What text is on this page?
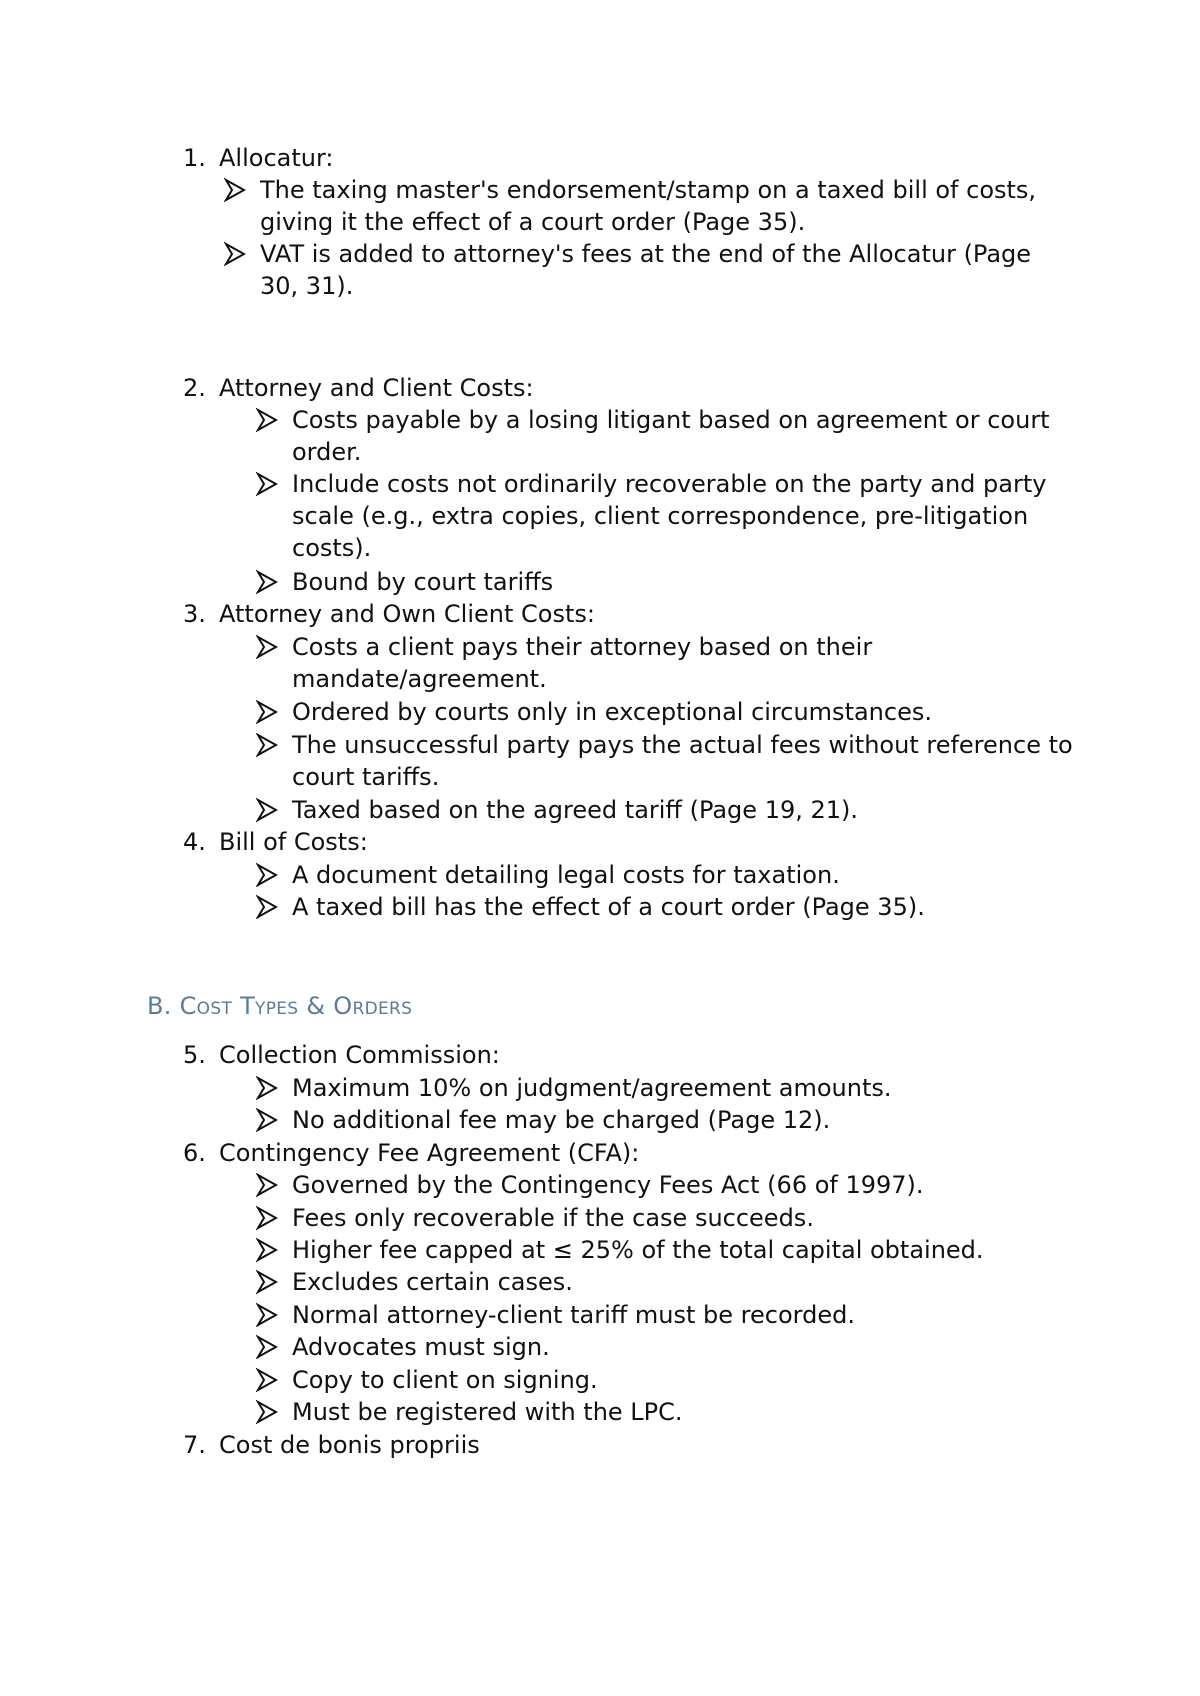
1. Allocatur:
The taxing master's endorsement/stamp on a taxed bill of costs, giving it the effect of a court order (Page 35).
VAT is added to attorney's fees at the end of the Allocatur (Page 30, 31).
2. Attorney and Client Costs:
Costs payable by a losing litigant based on agreement or court order.
Include costs not ordinarily recoverable on the party and party scale (e.g., extra copies, client correspondence, pre-litigation costs).
Bound by court tariffs
3. Attorney and Own Client Costs:
Costs a client pays their attorney based on their mandate/agreement.
Ordered by courts only in exceptional circumstances.
The unsuccessful party pays the actual fees without reference to court tariffs.
Taxed based on the agreed tariff (Page 19, 21).
4. Bill of Costs:
A document detailing legal costs for taxation.
A taxed bill has the effect of a court order (Page 35).
B. Cost Types & Orders
5. Collection Commission:
Maximum 10% on judgment/agreement amounts.
No additional fee may be charged (Page 12).
6. Contingency Fee Agreement (CFA):
Governed by the Contingency Fees Act (66 of 1997).
Fees only recoverable if the case succeeds.
Higher fee capped at ≤ 25% of the total capital obtained.
Excludes certain cases.
Normal attorney-client tariff must be recorded.
Advocates must sign.
Copy to client on signing.
Must be registered with the LPC.
7. Cost de bonis propriis
